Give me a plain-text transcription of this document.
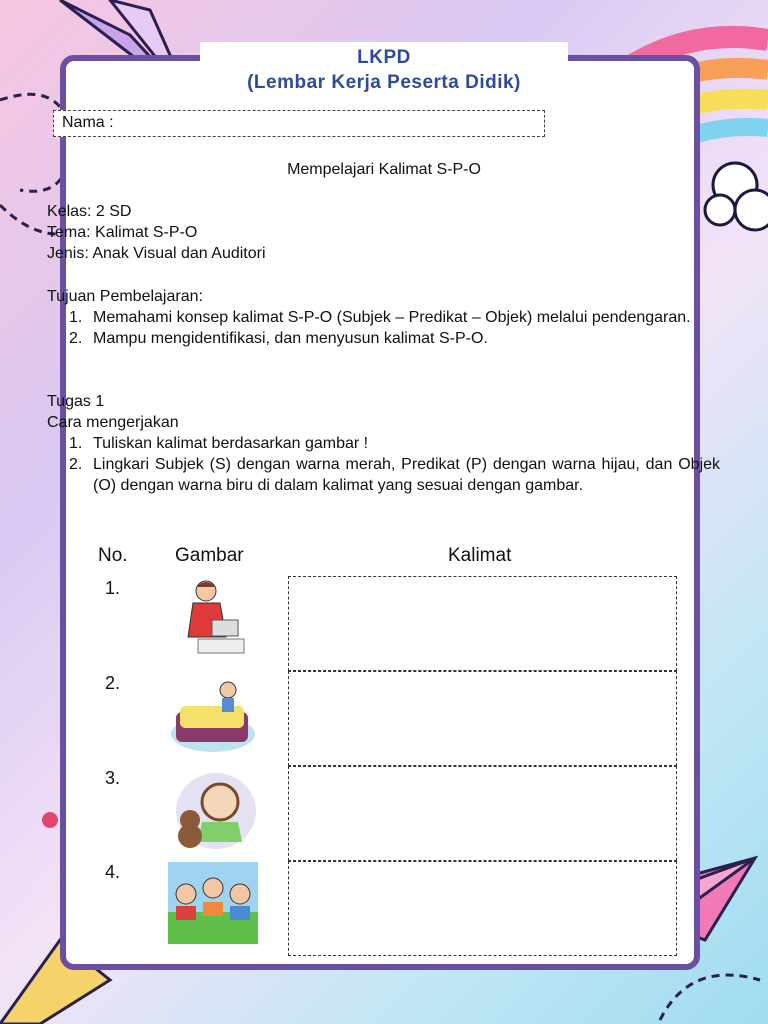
LKPD
(Lembar Kerja Peserta Didik)
Nama :
Mempelajari Kalimat S-P-O
Kelas: 2 SD
Tema: Kalimat S-P-O
Jenis: Anak Visual dan Auditori
Tujuan Pembelajaran:
1. Memahami konsep kalimat S-P-O (Subjek – Predikat – Objek) melalui pendengaran.
2. Mampu mengidentifikasi, dan menyusun kalimat S-P-O.
Tugas 1
Cara mengerjakan
1. Tuliskan kalimat berdasarkan gambar !
2. Lingkari Subjek (S) dengan warna merah, Predikat (P) dengan warna hijau, dan Objek (O) dengan warna biru di dalam kalimat yang sesuai dengan gambar.
No. Gambar	Kalimat
1.
2.
3.
4.
